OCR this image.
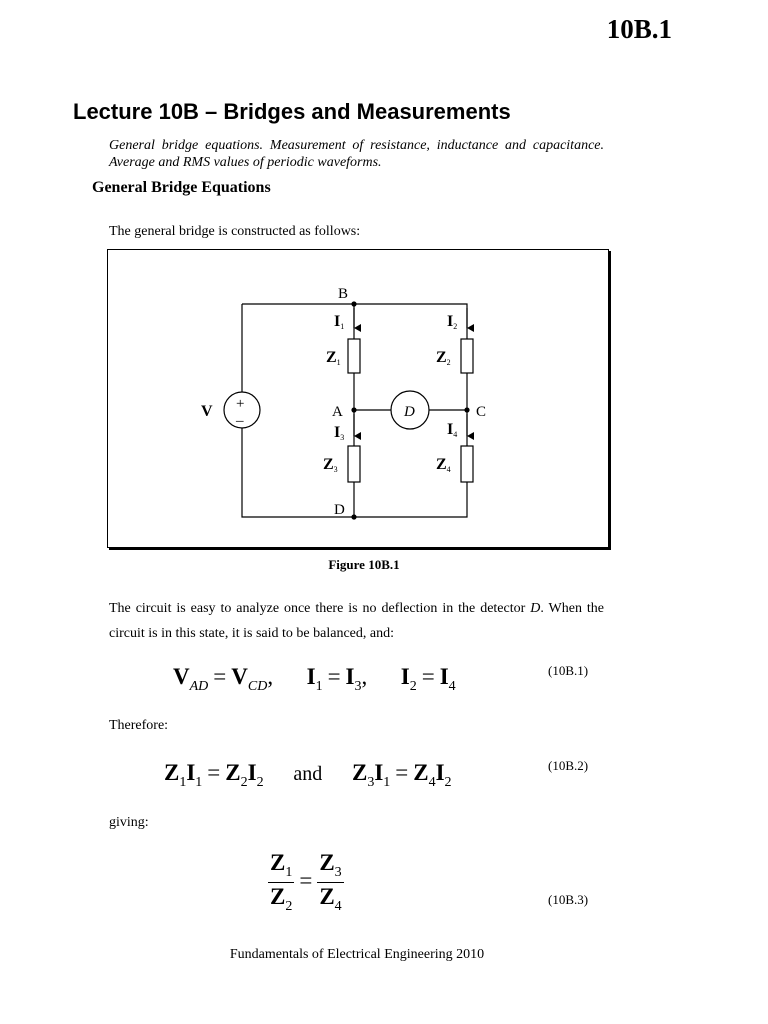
10B.1
Lecture 10B – Bridges and Measurements
General bridge equations. Measurement of resistance, inductance and capacitance. Average and RMS values of periodic waveforms.
General Bridge Equations
The general bridge is constructed as follows:
B
A	C
D
V +
–
D
I1	I2
I3	I4
Z1	Z2
Z3	Z4
Figure 10B.1
The circuit is easy to analyze once there is no deflection in the detector D. When the circuit is in this state, it is said to be balanced, and:
$V_{AD} = V_{CD}$, $I_1 = I_3$, $I_2 = I_4$
(10B.1)
Therefore:
$Z_1I_1 = Z_2I_2$ and $Z_3I_1 = Z_4I_2$
(10B.2)
giving:
$\frac{Z_1}{Z_2} = \frac{Z_3}{Z_4}$	(10B.3)
Fundamentals of Electrical Engineering 2010
